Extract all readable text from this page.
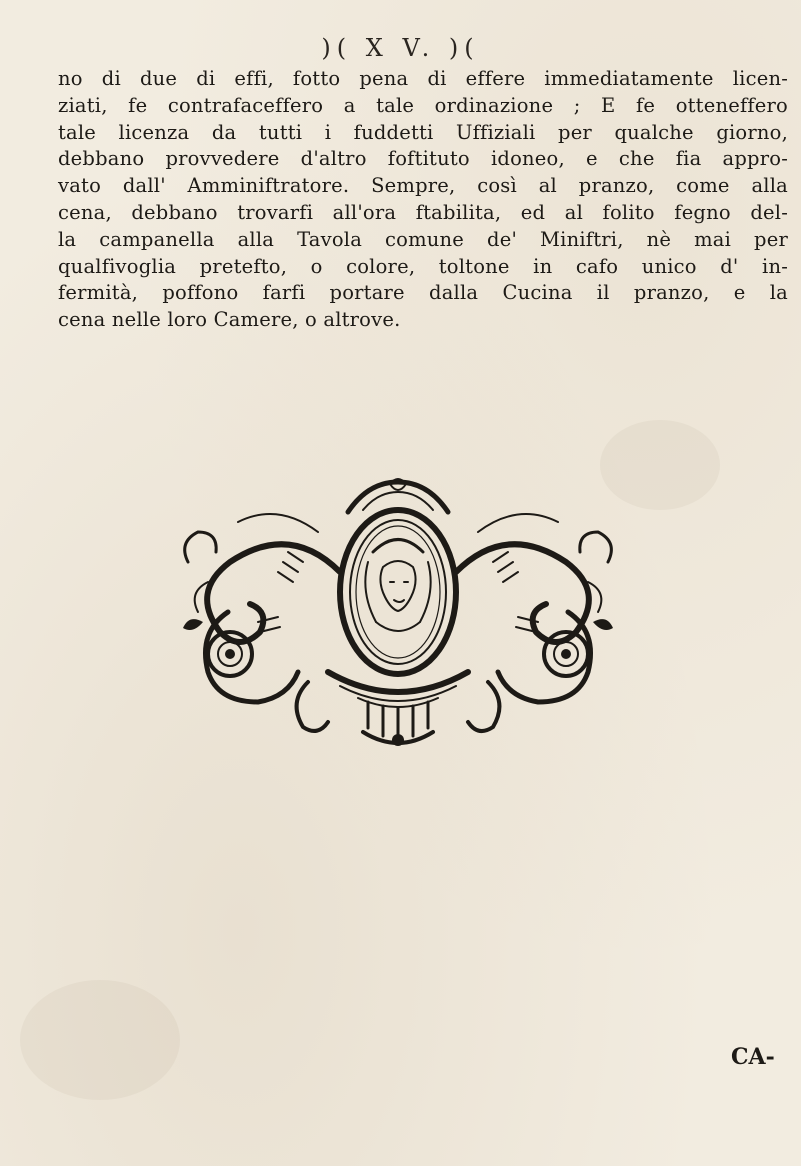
)( X V. )(
no di due di effi, fotto pena di effere immediatamente licen-
ziati, fe contrafaceffero a tale ordinazione ; E fe otteneffero
tale licenza da tutti i fuddetti Uffiziali per qualche giorno,
debbano provvedere d'altro foftituto idoneo, e che fia appro-
vato dall' Amminiftratore. Sempre, così al pranzo, come alla
cena, debbano trovarfi all'ora ftabilita, ed al folito fegno del-
la campanella alla Tavola comune de' Miniftri, nè mai per
qualfivoglia pretefto, o colore, toltone in cafo unico d' in-
fermità, poffono farfi portare dalla Cucina il pranzo, e la
cena nelle loro Camere, o altrove.
CA-
